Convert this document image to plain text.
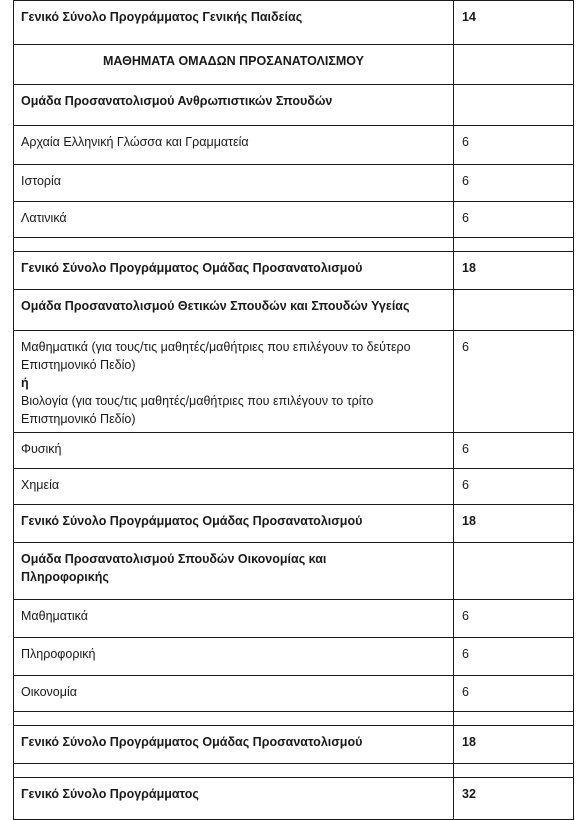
Γενικό Σύνολο Προγράμματος Γενικής Παιδείας	14
ΜΑΘΗΜΑΤΑ ΟΜΑΔΩΝ ΠΡΟΣΑΝΑΤΟΛΙΣΜΟΥ	
Ομάδα Προσανατολισμού Ανθρωπιστικών Σπουδών	
Αρχαία Ελληνική Γλώσσα και Γραμματεία	6
Ιστορία	6
Λατινικά	6

Γενικό Σύνολο Προγράμματος Ομάδας Προσανατολισμού	18
Ομάδα Προσανατολισμού Θετικών Σπουδών και Σπουδών Υγείας	

Μαθηματικά (για τους/τις μαθητές/μαθήτριες που επιλέγουν το δεύτερο Επιστημονικό Πεδίο)
ή
Βιολογία (για τους/τις μαθητές/μαθήτριες που επιλέγουν το τρίτο Επιστημονικό Πεδίο)	6
Φυσική	6
Χημεία	6
Γενικό Σύνολο Προγράμματος Ομάδας Προσανατολισμού	18
Ομάδα Προσανατολισμού Σπουδών Οικονομίας και Πληροφορικής	
Μαθηματικά	6
Πληροφορική	6
Οικονομία	6

Γενικό Σύνολο Προγράμματος Ομάδας Προσανατολισμού	18

Γενικό Σύνολο Προγράμματος	32
